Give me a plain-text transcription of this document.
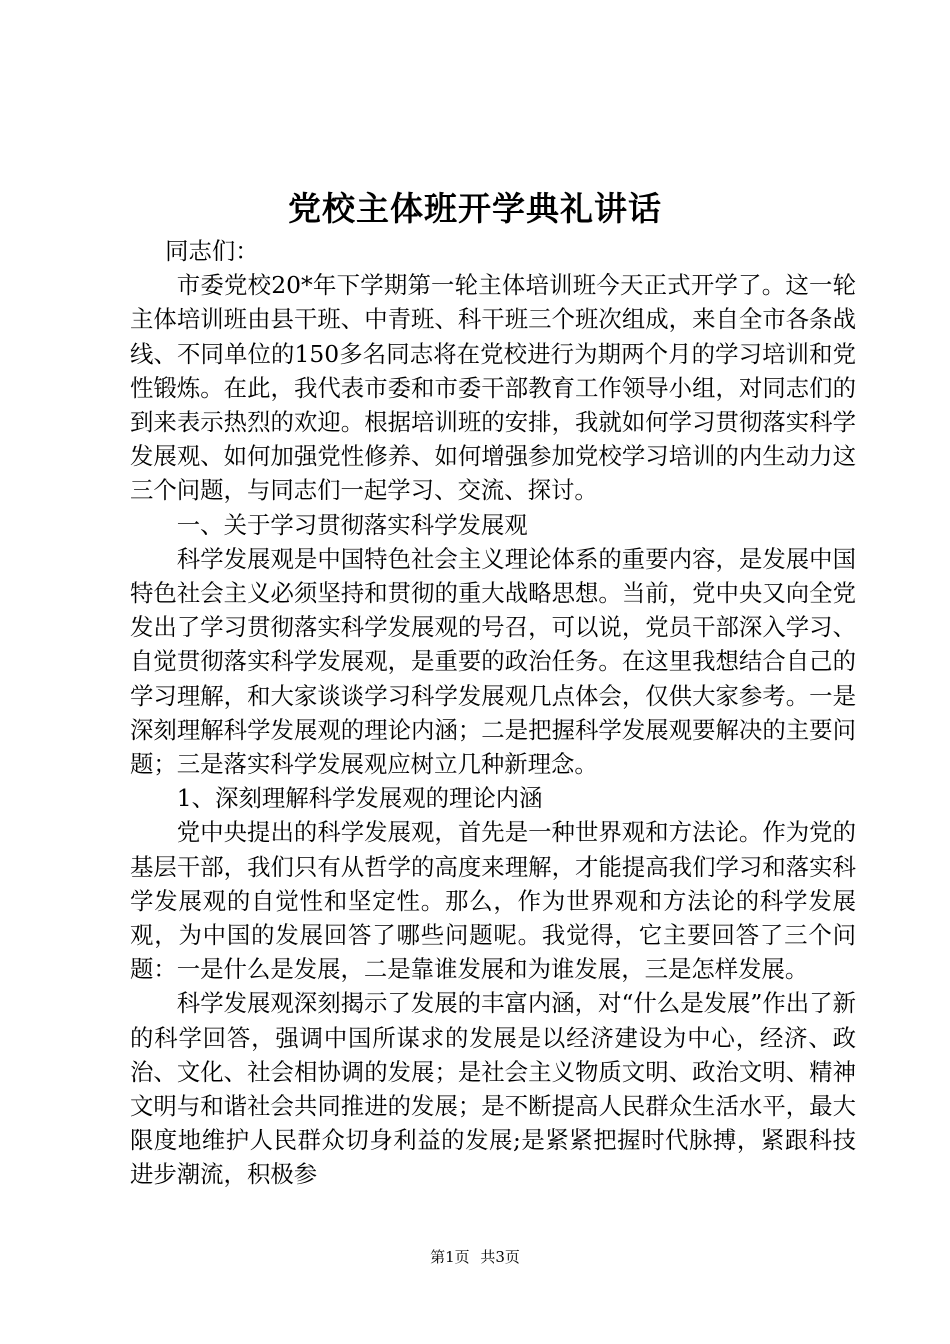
党校主体班开学典礼讲话

同志们：

市委党校20*年下学期第一轮主体培训班今天正式开学了。这一轮主体培训班由县干班、中青班、科干班三个班次组成，来自全市各条战线、不同单位的150多名同志将在党校进行为期两个月的学习培训和党性锻炼。在此，我代表市委和市委干部教育工作领导小组，对同志们的到来表示热烈的欢迎。根据培训班的安排，我就如何学习贯彻落实科学发展观、如何加强党性修养、如何增强参加党校学习培训的内生动力这三个问题，与同志们一起学习、交流、探讨。

一、关于学习贯彻落实科学发展观

科学发展观是中国特色社会主义理论体系的重要内容，是发展中国特色社会主义必须坚持和贯彻的重大战略思想。当前，党中央又向全党发出了学习贯彻落实科学发展观的号召，可以说，党员干部深入学习、自觉贯彻落实科学发展观，是重要的政治任务。在这里我想结合自己的学习理解，和大家谈谈学习科学发展观几点体会，仅供大家参考。一是深刻理解科学发展观的理论内涵；二是把握科学发展观要解决的主要问题；三是落实科学发展观应树立几种新理念。

1、深刻理解科学发展观的理论内涵

党中央提出的科学发展观，首先是一种世界观和方法论。作为党的基层干部，我们只有从哲学的高度来理解，才能提高我们学习和落实科学发展观的自觉性和坚定性。那么，作为世界观和方法论的科学发展观，为中国的发展回答了哪些问题呢。我觉得，它主要回答了三个问题：一是什么是发展，二是靠谁发展和为谁发展，三是怎样发展。

科学发展观深刻揭示了发展的丰富内涵，对“什么是发展”作出了新的科学回答，强调中国所谋求的发展是以经济建设为中心，经济、政治、文化、社会相协调的发展；是社会主义物质文明、政治文明、精神文明与和谐社会共同推进的发展；是不断提高人民群众生活水平，最大限度地维护人民群众切身利益的发展;是紧紧把握时代脉搏，紧跟科技进步潮流，积极参

第1页 共3页
